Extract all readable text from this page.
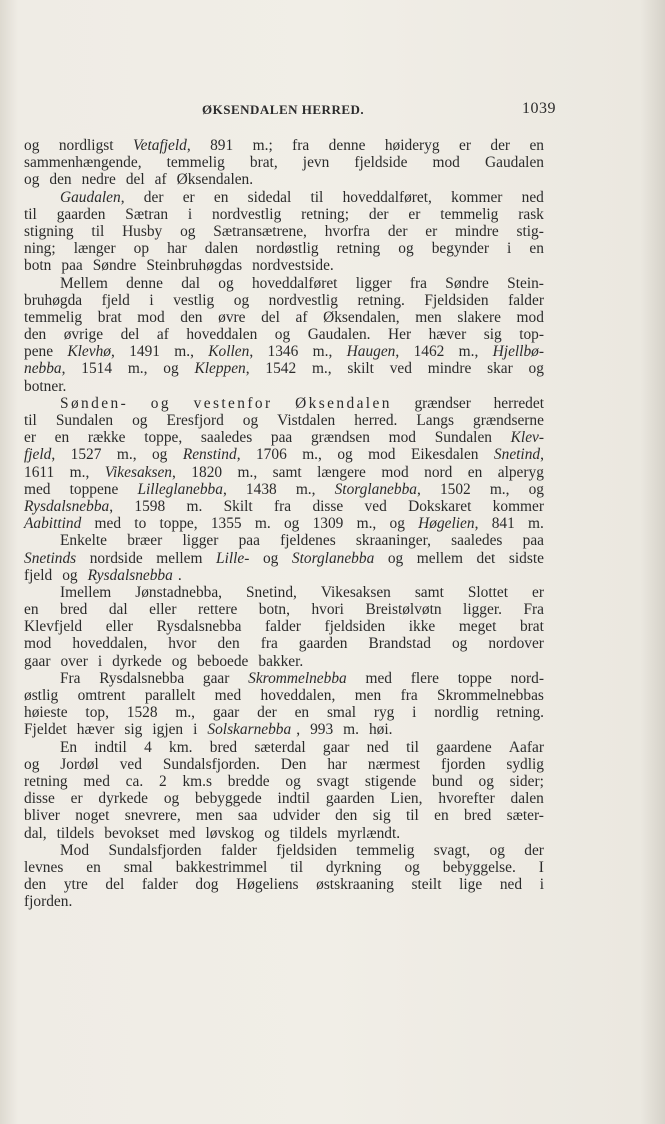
ØKSENDALEN HERRED.	1039
og nordligst Vetafjeld, 891 m.; fra denne høideryg er der en
sammenhængende, temmelig brat, jevn fjeldside mod Gaudalen
og den nedre del af Øksendalen.
Gaudalen, der er en sidedal til hoveddalføret, kommer ned
til gaarden Sætran i nordvestlig retning; der er temmelig rask
stigning til Husby og Sætransætrene, hvorfra der er mindre stig-
ning; længer op har dalen nordøstlig retning og begynder i en
botn paa Søndre Steinbruhøgdas nordvestside.
Mellem denne dal og hoveddalføret ligger fra Søndre Stein-
bruhøgda fjeld i vestlig og nordvestlig retning. Fjeldsiden falder
temmelig brat mod den øvre del af Øksendalen, men slakere mod
den øvrige del af hoveddalen og Gaudalen. Her hæver sig top-
pene Klevhø, 1491 m., Kollen, 1346 m., Haugen, 1462 m., Hjellbø-
nebba, 1514 m., og Kleppen, 1542 m., skilt ved mindre skar og
botner.
Sønden- og vestenfor Øksendalen grændser herredet
til Sundalen og Eresfjord og Vistdalen herred. Langs grændserne
er en række toppe, saaledes paa grændsen mod Sundalen Klev-
fjeld, 1527 m., og Renstind, 1706 m., og mod Eikesdalen Snetind,
1611 m., Vikesaksen, 1820 m., samt længere mod nord en alperyg
med toppene Lilleglanebba, 1438 m., Storglanebba, 1502 m., og
Rysdalsnebba, 1598 m. Skilt fra disse ved Dokskaret kommer
Aabittind med to toppe, 1355 m. og 1309 m., og Høgelien, 841 m.
Enkelte bræer ligger paa fjeldenes skraaninger, saaledes paa
Snetinds nordside mellem Lille- og Storglanebba og mellem det sidste
fjeld og Rysdalsnebba .
Imellem Jønstadnebba, Snetind, Vikesaksen samt Slottet er
en bred dal eller rettere botn, hvori Breistølvøtn ligger. Fra
Klevfjeld eller Rysdalsnebba falder fjeldsiden ikke meget brat
mod hoveddalen, hvor den fra gaarden Brandstad og nordover
gaar over i dyrkede og beboede bakker.
Fra Rysdalsnebba gaar Skrommelnebba med flere toppe nord-
østlig omtrent parallelt med hoveddalen, men fra Skrommelnebbas
høieste top, 1528 m., gaar der en smal ryg i nordlig retning.
Fjeldet hæver sig igjen i Solskarnebba , 993 m. høi.
En indtil 4 km. bred sæterdal gaar ned til gaardene Aafar
og Jordøl ved Sundalsfjorden. Den har nærmest fjorden sydlig
retning med ca. 2 km.s bredde og svagt stigende bund og sider;
disse er dyrkede og bebyggede indtil gaarden Lien, hvorefter dalen
bliver noget snevrere, men saa udvider den sig til en bred sæter-
dal, tildels bevokset med løvskog og tildels myrlændt.
Mod Sundalsfjorden falder fjeldsiden temmelig svagt, og der
levnes en smal bakkestrimmel til dyrkning og bebyggelse. I
den ytre del falder dog Høgeliens østskraaning steilt lige ned i
fjorden.
